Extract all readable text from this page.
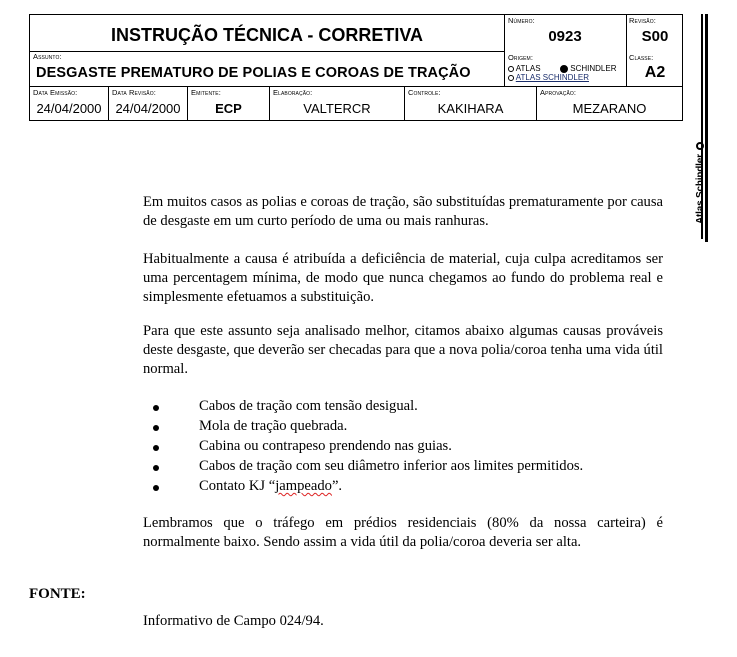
INSTRUÇÃO TÉCNICA - CORRETIVA
Número:
0923
Revisão:
S00
Assunto:
DESGASTE PREMATURO DE POLIAS E COROAS DE TRAÇÃO
Origem:
ATLAS	SCHINDLER
ATLAS SCHINDLER
Classe:
A2
Data Emissão:	Data Revisão:	Emitente:	Elaboração:	Controle:	Aprovação:
24/04/2000	24/04/2000	ECP	VALTERCR	KAKIHARA	MEZARANO
Atlas Schindler
Em muitos casos as polias e coroas de tração, são substituídas prematuramente por causa de desgaste em um curto período de uma ou mais ranhuras.
Habitualmente a causa é atribuída a deficiência de material, cuja culpa acreditamos ser uma percentagem mínima, de modo que nunca chegamos ao fundo do problema real e simplesmente efetuamos a substituição.
Para que este assunto seja analisado melhor, citamos abaixo algumas causas prováveis deste desgaste, que deverão ser checadas para que a nova polia/coroa tenha uma vida útil normal.
Cabos de tração com tensão desigual.
Mola de tração quebrada.
Cabina ou contrapeso prendendo nas guias.
Cabos de tração com seu diâmetro inferior aos limites permitidos.
Contato KJ “jampeado”.
Lembramos que o tráfego em prédios residenciais (80% da nossa carteira) é normalmente baixo. Sendo assim a vida útil da polia/coroa deveria ser alta.
FONTE:
Informativo de Campo 024/94.
